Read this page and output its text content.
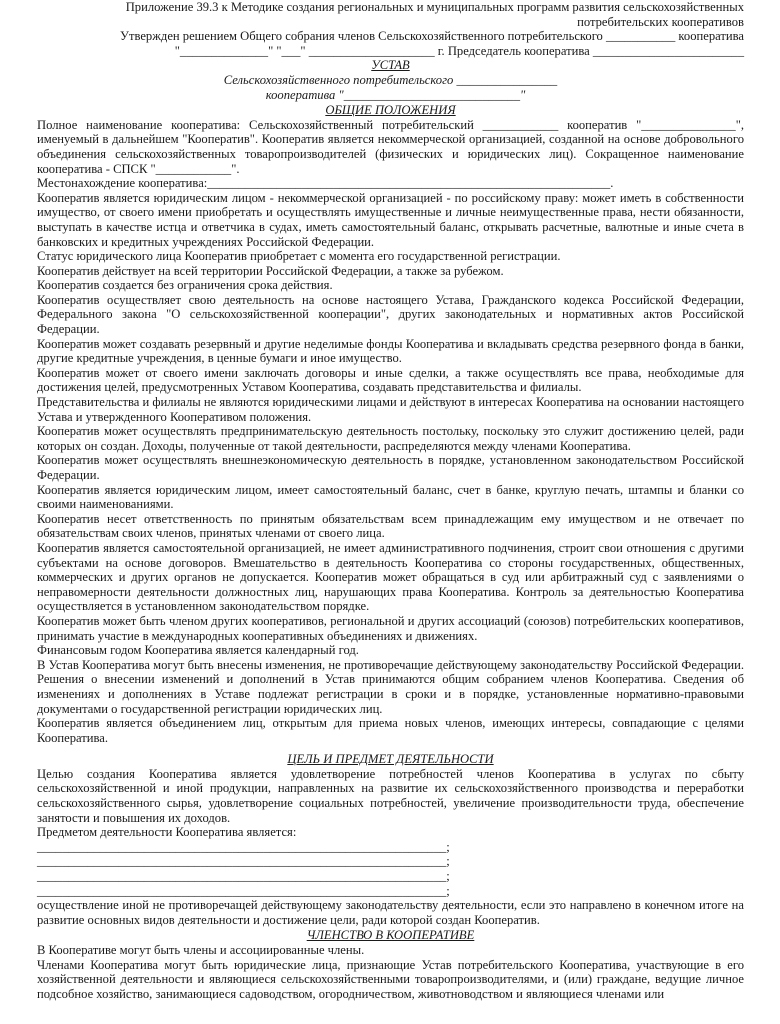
Приложение 39.3 к Методике создания региональных и муниципальных программ развития сельскохозяйственных

потребительских кооперативов

Утвержден решением Общего собрания членов Сельскохозяйственного потребительского ___________ кооператива

"______________" "___" ____________________ г. Председатель кооператива ________________________

УСТАВ

Сельскохозяйственного потребительского ________________

кооператива "____________________________"

ОБЩИЕ ПОЛОЖЕНИЯ

Полное наименование кооператива: Сельскохозяйственный потребительский ____________ кооператив "_______________", именуемый в дальнейшем "Кооператив". Кооператив является некоммерческой организацией, созданной на основе добровольного объединения сельскохозяйственных товаропроизводителей (физических и юридических лиц). Сокращенное наименование кооператива - СПСК "____________".

Местонахождение кооператива:________________________________________________________________.

Кооператив является юридическим лицом - некоммерческой организацией - по российскому праву: может иметь в собственности имущество, от своего имени приобретать и осуществлять имущественные и личные неимущественные права, нести обязанности, выступать в качестве истца и ответчика в судах, иметь самостоятельный баланс, открывать расчетные, валютные и иные счета в банковских и кредитных учреждениях Российской Федерации.

Статус юридического лица Кооператив приобретает с момента его государственной регистрации.

Кооператив действует на всей территории Российской Федерации, а также за рубежом.

Кооператив создается без ограничения срока действия.

Кооператив осуществляет свою деятельность на основе настоящего Устава, Гражданского кодекса Российской Федерации, Федерального закона "О сельскохозяйственной кооперации", других законодательных и нормативных актов Российской Федерации.

Кооператив может создавать резервный и другие неделимые фонды Кооператива и вкладывать средства резервного фонда в банки, другие кредитные учреждения, в ценные бумаги и иное имущество.

Кооператив может от своего имени заключать договоры и иные сделки, а также осуществлять все права, необходимые для достижения целей, предусмотренных Уставом Кооператива, создавать представительства и филиалы.

Представительства и филиалы не являются юридическими лицами и действуют в интересах Кооператива на основании настоящего Устава и утвержденного Кооперативом положения.

Кооператив может осуществлять предпринимательскую деятельность постольку, поскольку это служит достижению целей, ради которых он создан. Доходы, полученные от такой деятельности, распределяются между членами Кооператива.

Кооператив может осуществлять внешнеэкономическую деятельность в порядке, установленном законодательством Российской Федерации.

Кооператив является юридическим лицом, имеет самостоятельный баланс, счет в банке, круглую печать, штампы и бланки со своими наименованиями.

Кооператив несет ответственность по принятым обязательствам всем принадлежащим ему имуществом и не отвечает по обязательствам своих членов, принятых членами от своего лица.

Кооператив является самостоятельной организацией, не имеет административного подчинения, строит свои отношения с другими субъектами на основе договоров. Вмешательство в деятельность Кооператива со стороны государственных, общественных, коммерческих и других органов не допускается. Кооператив может обращаться в суд или арбитражный суд с заявлениями о неправомерности деятельности должностных лиц, нарушающих права Кооператива. Контроль за деятельностью Кооператива осуществляется в установленном законодательством порядке.

Кооператив может быть членом других кооперативов, региональной и других ассоциаций (союзов) потребительских кооперативов, принимать участие в международных кооперативных объединениях и движениях.

Финансовым годом Кооператива является календарный год.

В Устав Кооператива могут быть внесены изменения, не противоречащие действующему законодательству Российской Федерации. Решения о внесении изменений и дополнений в Устав принимаются общим собранием членов Кооператива. Сведения об изменениях и дополнениях в Уставе подлежат регистрации в сроки и в порядке, установленные нормативно-правовыми документами о государственной регистрации юридических лиц.

Кооператив является объединением лиц, открытым для приема новых членов, имеющих интересы, совпадающие с целями Кооператива.

ЦЕЛЬ И ПРЕДМЕТ ДЕЯТЕЛЬНОСТИ

Целью создания Кооператива является удовлетворение потребностей членов Кооператива в услугах по сбыту сельскохозяйственной и иной продукции, направленных на развитие их сельскохозяйственного производства и переработки сельскохозяйственного сырья, удовлетворение социальных потребностей, увеличение производительности труда, обеспечение занятости и повышения их доходов.

Предметом деятельности Кооператива является:

_________________________________________________________________;

_________________________________________________________________;

_________________________________________________________________;

_________________________________________________________________;

осуществление иной не противоречащей действующему законодательству деятельности, если это направлено в конечном итоге на развитие основных видов деятельности и достижение цели, ради которой создан Кооператив.

ЧЛЕНСТВО В КООПЕРАТИВЕ

В Кооперативе могут быть члены и ассоциированные члены.

Членами Кооператива могут быть юридические лица, признающие Устав потребительского Кооператива, участвующие в его хозяйственной деятельности и являющиеся сельскохозяйственными товаропроизводителями, и (или) граждане, ведущие личное подсобное хозяйство, занимающиеся садоводством, огородничеством, животноводством и являющиеся членами или
